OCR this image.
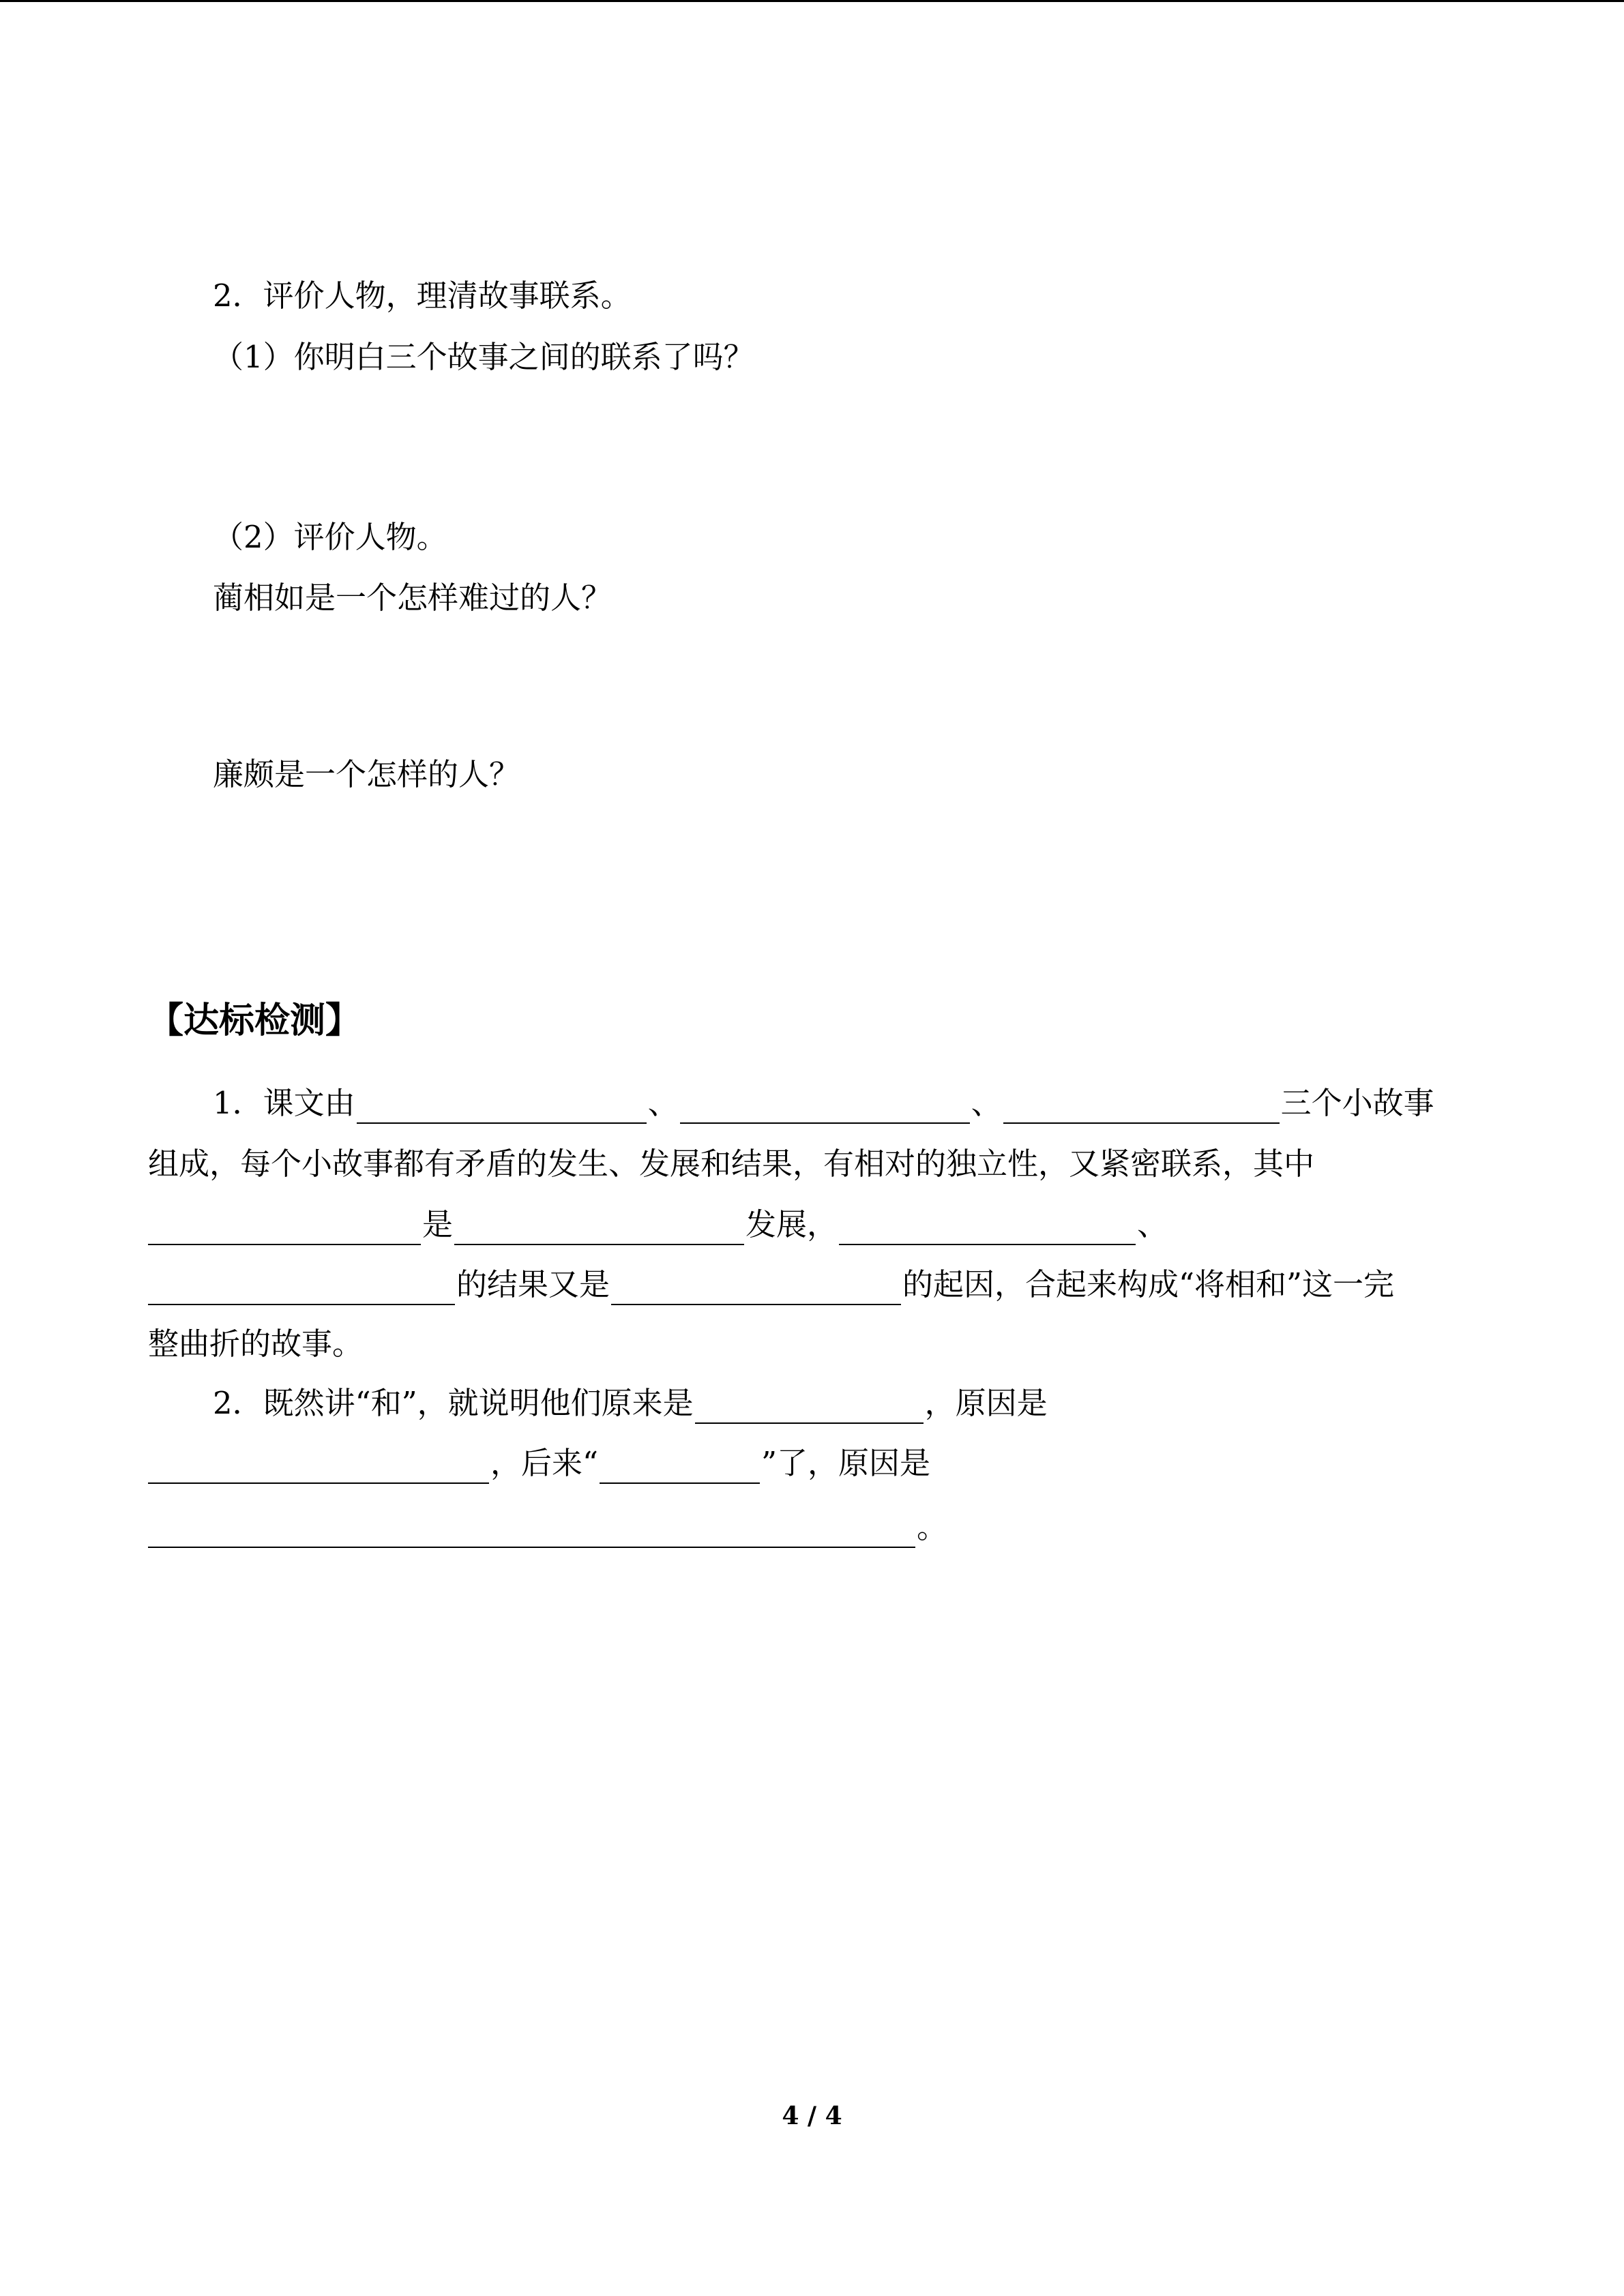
2．评价人物，理清故事联系。
（1）你明白三个故事之间的联系了吗？
（2）评价人物。
蔺相如是一个怎样难过的人？
廉颇是一个怎样的人？
【达标检测】
1．课文由	、	、	三个小故事
组成，每个小故事都有矛盾的发生、发展和结果，有相对的独立性，又紧密联系，其中
是	发展，	、
的结果又是	的起因，合起来构成“将相和”这一完
整曲折的故事。
2．既然讲“和”，就说明他们原来是	，原因是
，后来“	”了，原因是
。
4 / 4
